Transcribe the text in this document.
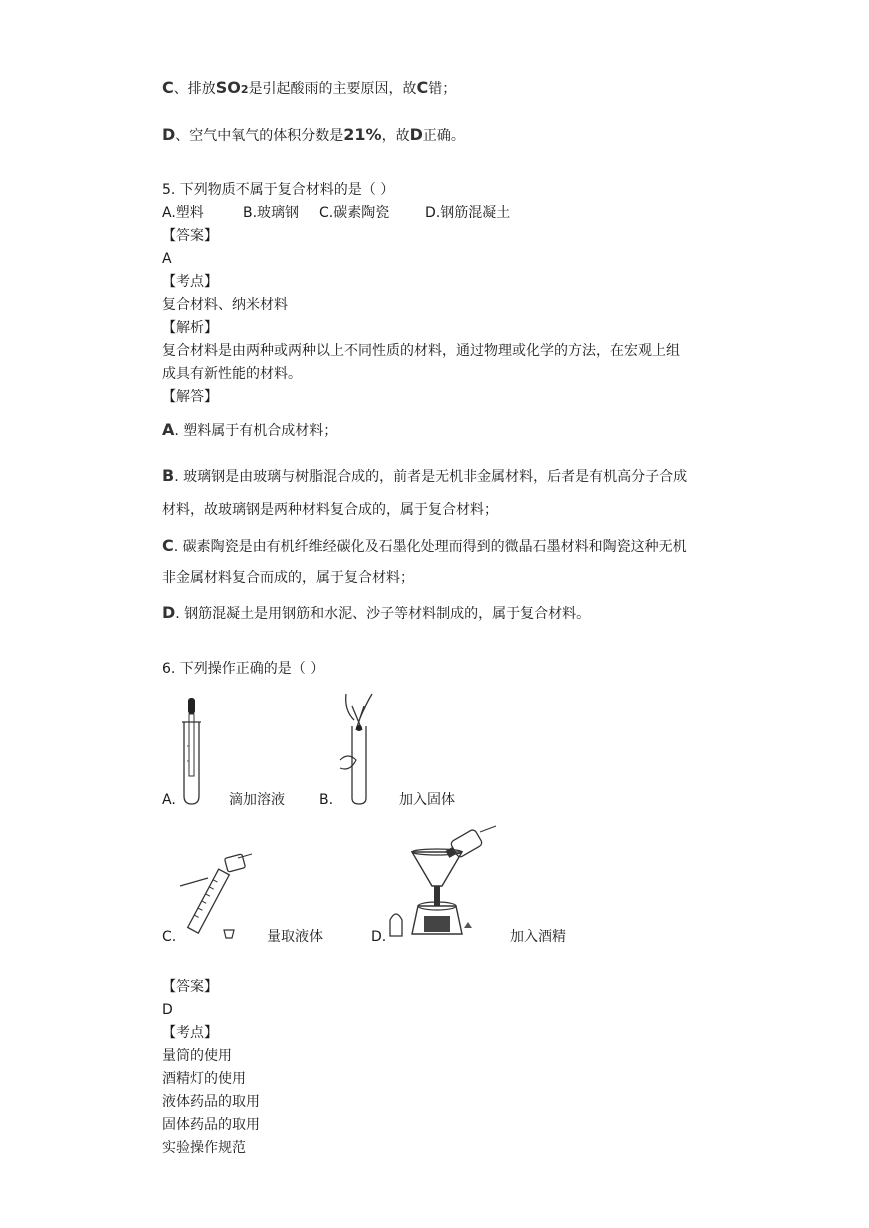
C、排放SO2是引起酸雨的主要原因，故C错；
D、空气中氧气的体积分数是21%，故D正确。
5. 下列物质不属于复合材料的是（ ）
A.塑料	B.玻璃钢 C.碳素陶瓷	D.钢筋混凝土
【答案】
A
【考点】
复合材料、纳米材料
【解析】
复合材料是由两种或两种以上不同性质的材料，通过物理或化学的方法，在宏观上组
成具有新性能的材料。
【解答】
A. 塑料属于有机合成材料；
B. 玻璃钢是由玻璃与树脂混合成的，前者是无机非金属材料，后者是有机高分子合成
材料，故玻璃钢是两种材料复合成的，属于复合材料；
C. 碳素陶瓷是由有机纤维经碳化及石墨化处理而得到的微晶石墨材料和陶瓷这种无机
非金属材料复合而成的，属于复合材料；
D. 钢筋混凝土是用钢筋和水泥、沙子等材料制成的，属于复合材料。
6. 下列操作正确的是（ ）
A.	滴加溶液 B.	加入固体
C.	量取液体	D.	加入酒精
【答案】
D
【考点】
量筒的使用
酒精灯的使用
液体药品的取用
固体药品的取用
实验操作规范
